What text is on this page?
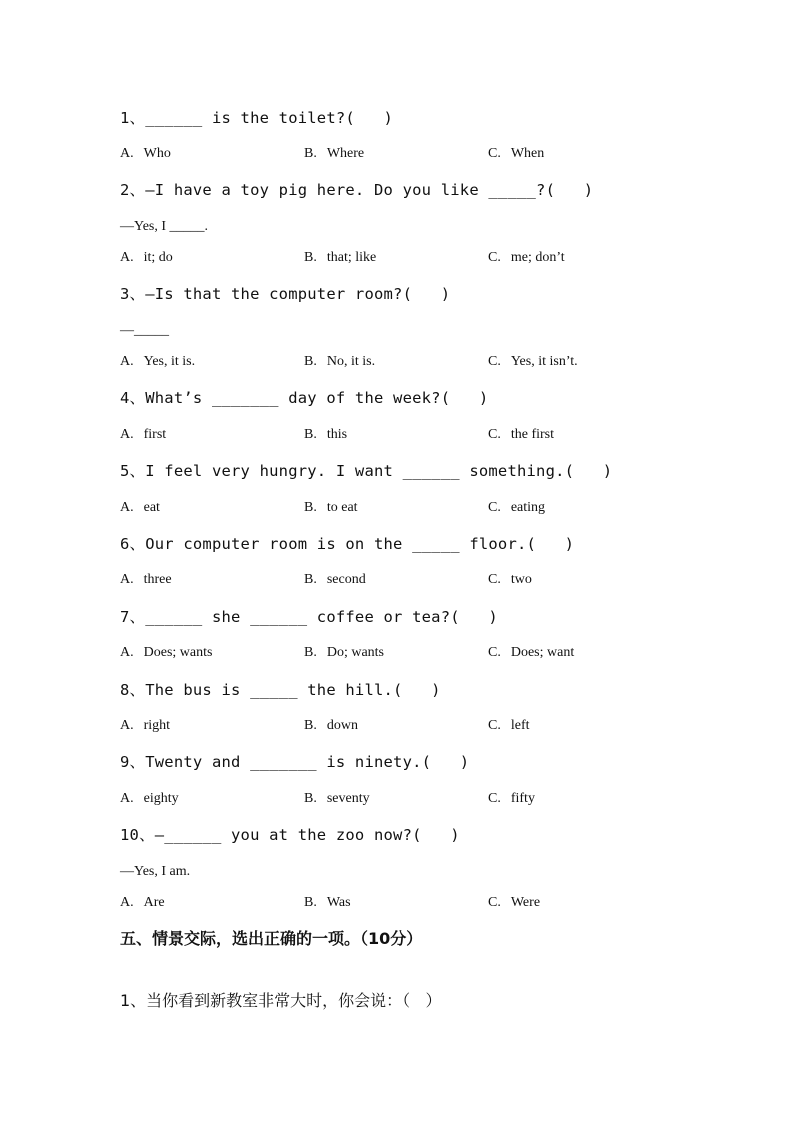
1、______ is the toilet?(   )
A. Who	B. Where	C. When
2、—I have a toy pig here. Do you like _____?(   )
—Yes, I _____.
A. it; do	B. that; like	C. me; don’t
3、—Is that the computer room?(   )
—_____
A. Yes, it is.	B. No, it is.	C. Yes, it isn’t.
4、What’s _______ day of the week?(   )
A. first	B. this	C. the first
5、I feel very hungry. I want ______ something.(   )
A. eat	B. to eat	C. eating
6、Our computer room is on the _____ floor.(   )
A. three	B. second	C. two
7、______ she ______ coffee or tea?(   )
A. Does; wants	B. Do; wants	C. Does; want
8、The bus is _____ the hill.(   )
A. right	B. down	C. left
9、Twenty and _______ is ninety.(   )
A. eighty	B. seventy	C. fifty
10、—______ you at the zoo now?(   )
—Yes, I am.
A. Are	B. Was	C. Were
五、情景交际，选出正确的一项。（10分）
1、当你看到新教室非常大时，你会说：（   ）
